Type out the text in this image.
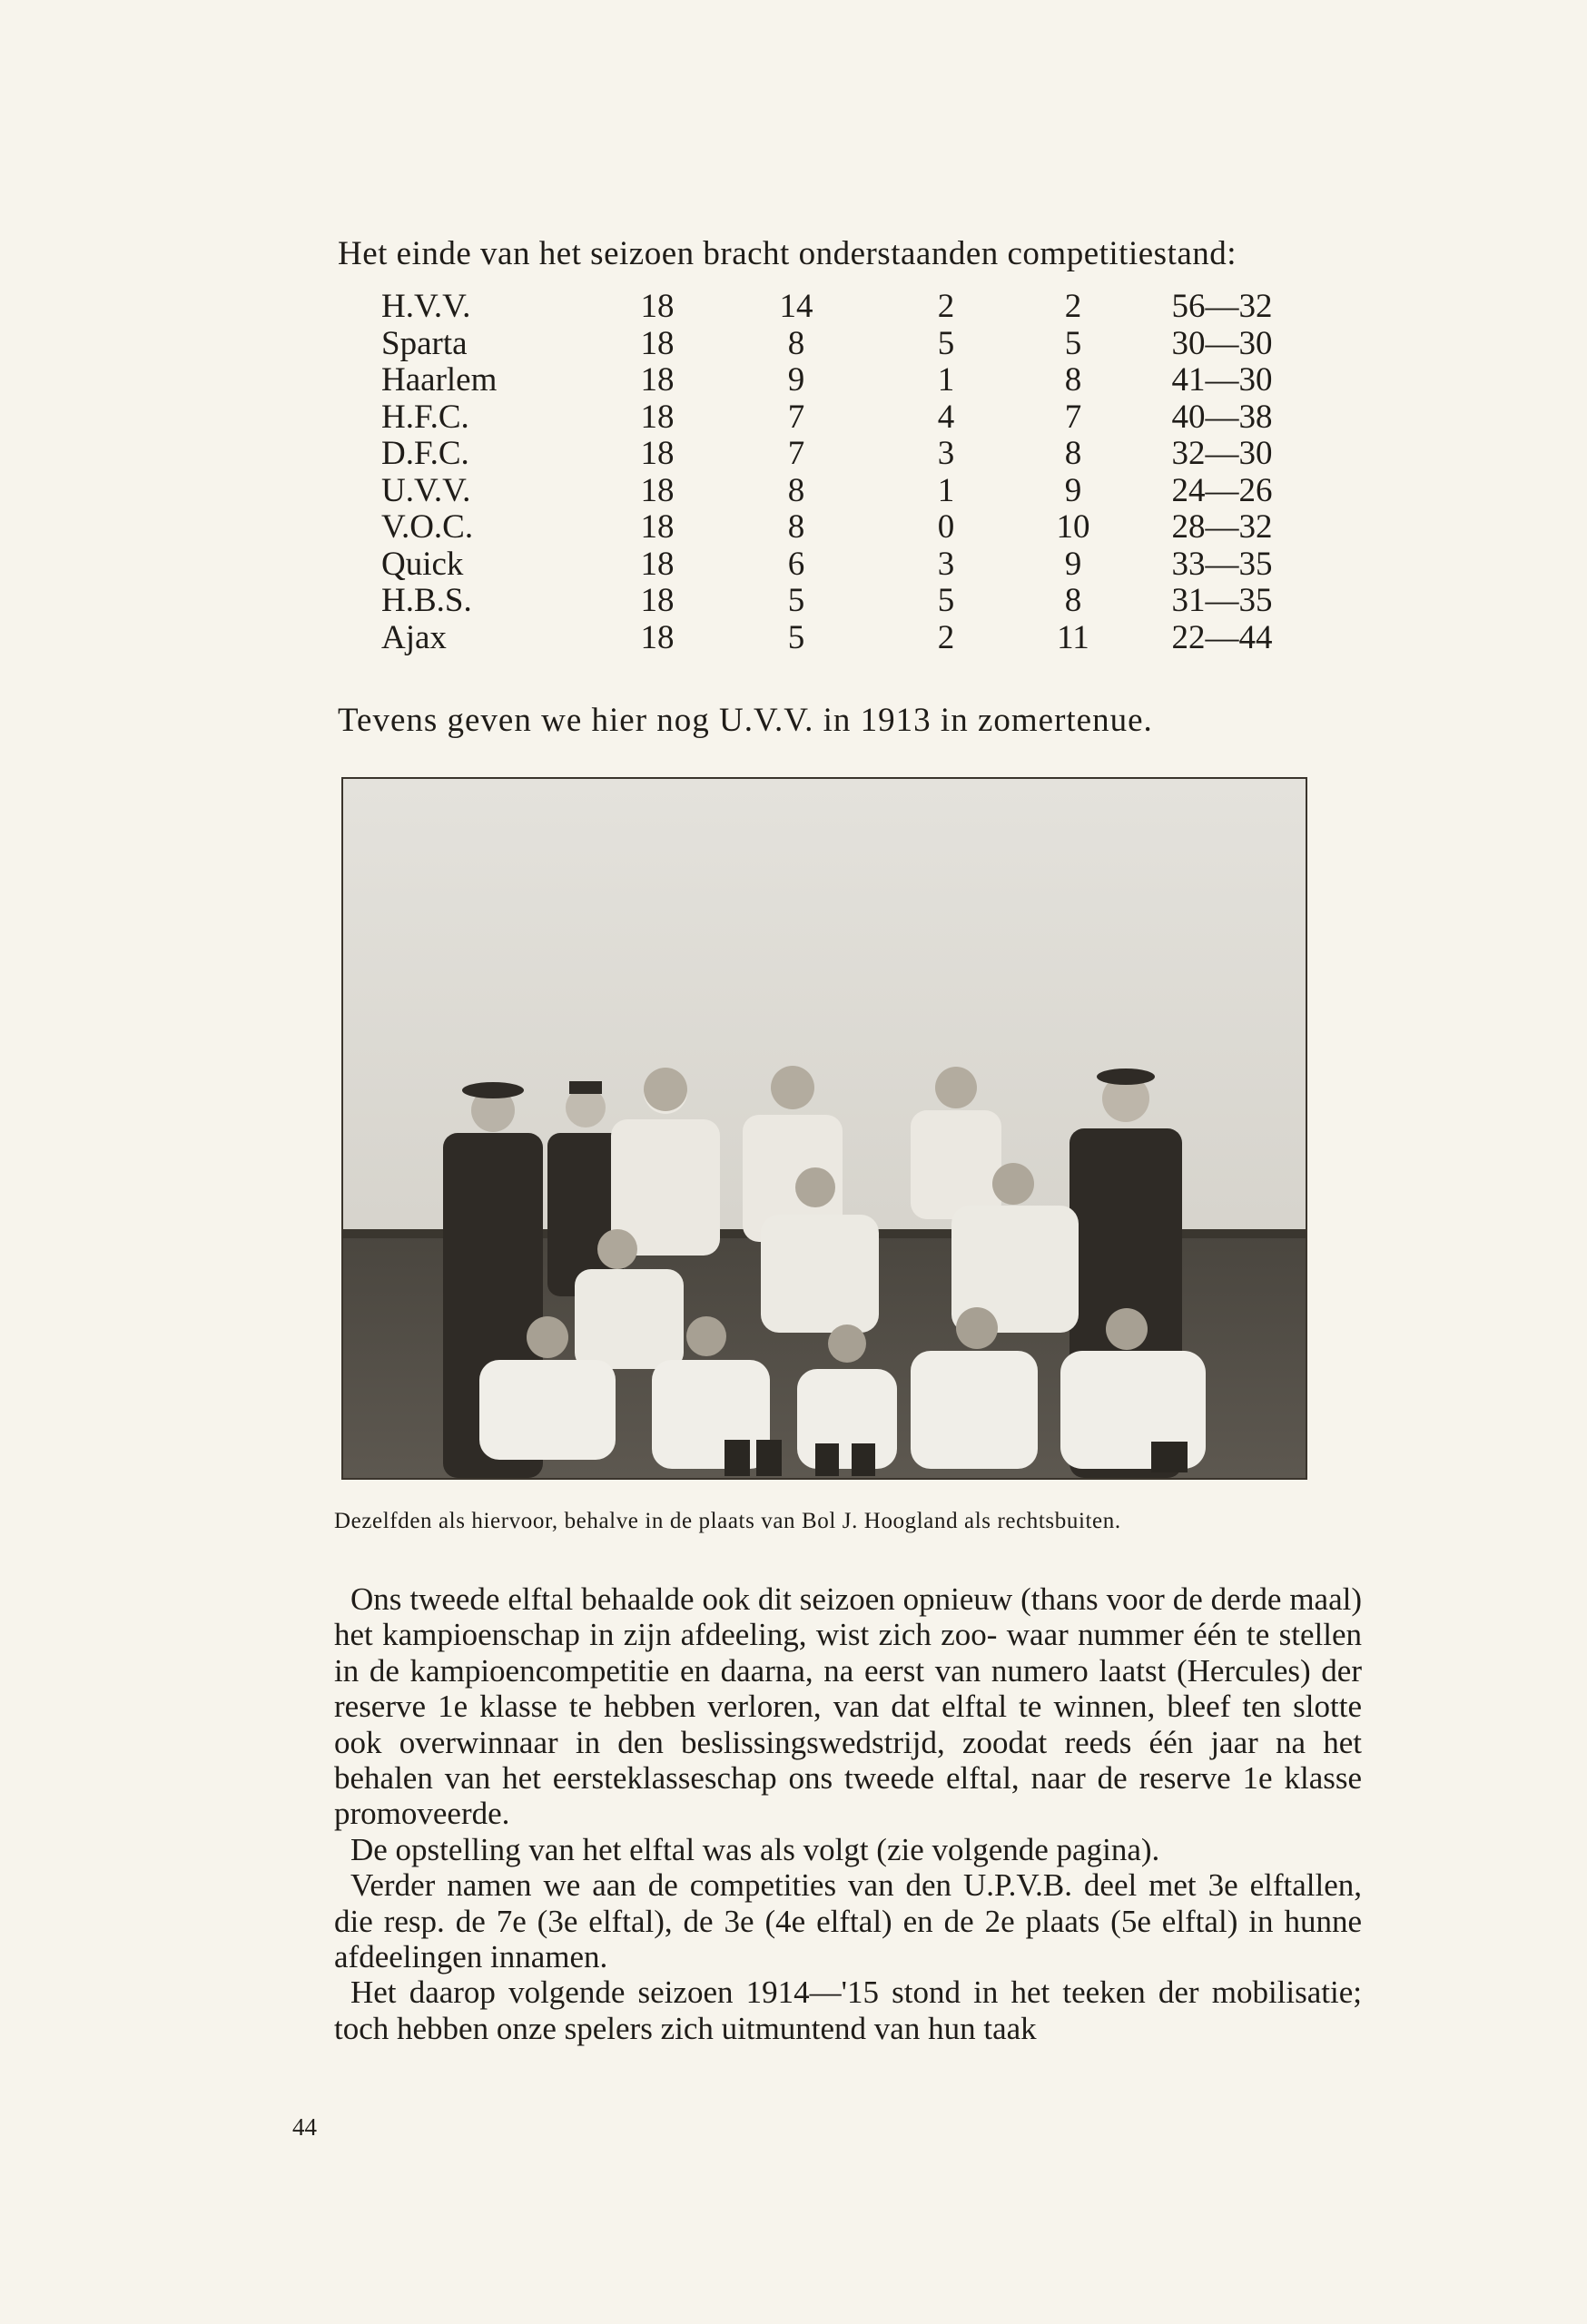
Het einde van het seizoen bracht onderstaanden competitiestand:
H.V.V.	18	14	2	2	56—32
Sparta	18	8	5	5	30—30
Haarlem	18	9	1	8	41—30
H.F.C.	18	7	4	7	40—38
D.F.C.	18	7	3	8	32—30
U.V.V.	18	8	1	9	24—26
V.O.C.	18	8	0	10	28—32
Quick	18	6	3	9	33—35
H.B.S.	18	5	5	8	31—35
Ajax	18	5	2	11	22—44
Tevens geven we hier nog U.V.V. in 1913 in zomertenue.
Dezelfden als hiervoor, behalve in de plaats van Bol J. Hoogland als rechtsbuiten.

Ons tweede elftal behaalde ook dit seizoen opnieuw (thans voor de derde maal) het kampioenschap in zijn afdeeling, wist zich zoo- waar nummer één te stellen in de kampioencompetitie en daarna, na eerst van numero laatst (Hercules) der reserve 1e klasse te hebben verloren, van dat elftal te winnen, bleef ten slotte ook overwinnaar in den beslissingswedstrijd, zoodat reeds één jaar na het behalen van het eersteklasseschap ons tweede elftal, naar de reserve 1e klasse promoveerde.

De opstelling van het elftal was als volgt (zie volgende pagina).

Verder namen we aan de competities van den U.P.V.B. deel met 3e elftallen, die resp. de 7e (3e elftal), de 3e (4e elftal) en de 2e plaats (5e elftal) in hunne afdeelingen innamen.

Het daarop volgende seizoen 1914—'15 stond in het teeken der mobilisatie; toch hebben onze spelers zich uitmuntend van hun taak

44
